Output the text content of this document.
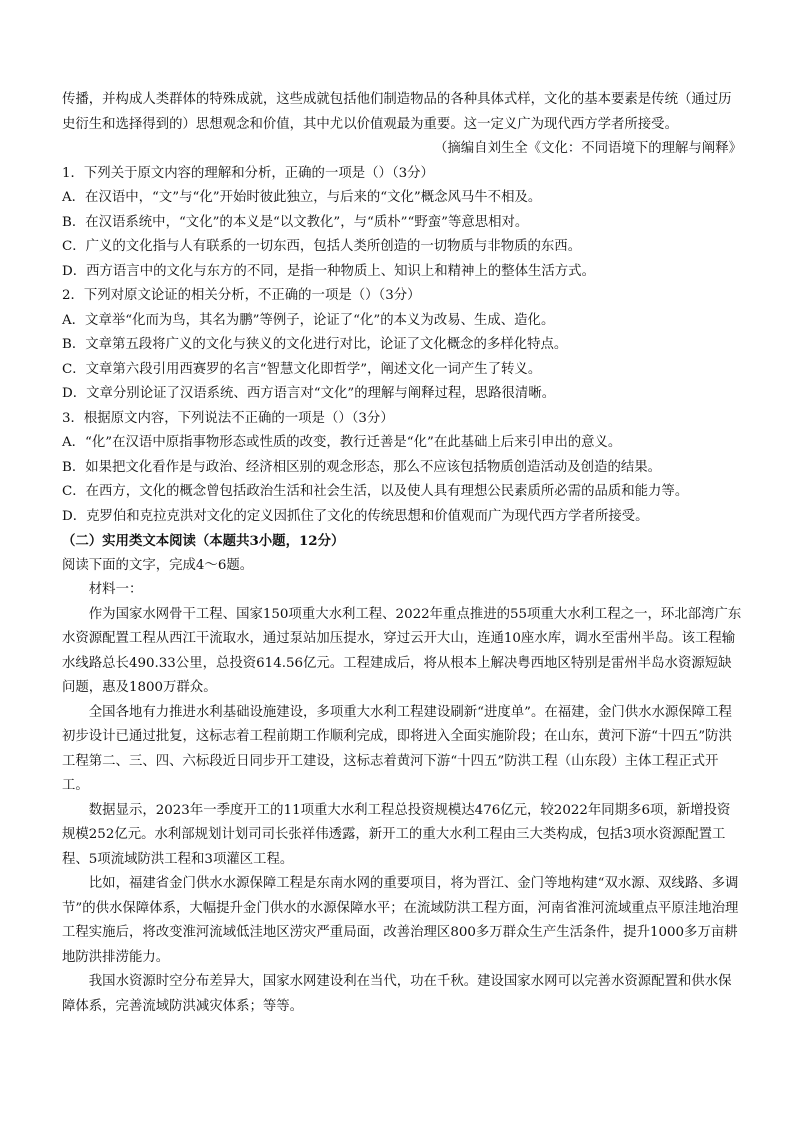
传播，并构成人类群体的特殊成就，这些成就包括他们制造物品的各种具体式样，文化的基本要素是传统（通过历史衍生和选择得到的）思想观念和价值，其中尤以价值观最为重要。这一定义广为现代西方学者所接受。

（摘编自刘生全《文化：不同语境下的理解与阐释》

1．下列关于原文内容的理解和分析，正确的一项是（）（3分）

A．在汉语中，“文”与“化”开始时彼此独立，与后来的“文化”概念风马牛不相及。

B．在汉语系统中，“文化”的本义是“以文教化”，与“质朴”“野蛮”等意思相对。

C．广义的文化指与人有联系的一切东西，包括人类所创造的一切物质与非物质的东西。

D．西方语言中的文化与东方的不同，是指一种物质上、知识上和精神上的整体生活方式。

2．下列对原文论证的相关分析，不正确的一项是（）（3分）

A．文章举“化而为鸟，其名为鹏”等例子，论证了“化”的本义为改易、生成、造化。

B．文章第五段将广义的文化与狭义的文化进行对比，论证了文化概念的多样化特点。

C．文章第六段引用西赛罗的名言“智慧文化即哲学”，阐述文化一词产生了转义。

D．文章分别论证了汉语系统、西方语言对“文化”的理解与阐释过程，思路很清晰。

3．根据原文内容，下列说法不正确的一项是（）（3分）

A．“化”在汉语中原指事物形态或性质的改变，教行迁善是“化”在此基础上后来引申出的意义。

B．如果把文化看作是与政治、经济相区别的观念形态，那么不应该包括物质创造活动及创造的结果。

C．在西方，文化的概念曾包括政治生活和社会生活，以及使人具有理想公民素质所必需的品质和能力等。

D．克罗伯和克拉克洪对文化的定义因抓住了文化的传统思想和价值观而广为现代西方学者所接受。

（二）实用类文本阅读（本题共3小题，12分）

阅读下面的文字，完成4～6题。

材料一：

作为国家水网骨干工程、国家150项重大水利工程、2022年重点推进的55项重大水利工程之一，环北部湾广东水资源配置工程从西江干流取水，通过泵站加压提水，穿过云开大山，连通10座水库，调水至雷州半岛。该工程输水线路总长490.33公里，总投资614.56亿元。工程建成后，将从根本上解决粤西地区特别是雷州半岛水资源短缺问题，惠及1800万群众。

全国各地有力推进水利基础设施建设，多项重大水利工程建设刷新“进度单”。在福建，金门供水水源保障工程初步设计已通过批复，这标志着工程前期工作顺利完成，即将进入全面实施阶段；在山东，黄河下游“十四五”防洪工程第二、三、四、六标段近日同步开工建设，这标志着黄河下游“十四五”防洪工程（山东段）主体工程正式开工。

数据显示，2023年一季度开工的11项重大水利工程总投资规模达476亿元，较2022年同期多6项，新增投资规模252亿元。水利部规划计划司司长张祥伟透露，新开工的重大水利工程由三大类构成，包括3项水资源配置工程、5项流域防洪工程和3项灌区工程。

比如，福建省金门供水水源保障工程是东南水网的重要项目，将为晋江、金门等地构建“双水源、双线路、多调节”的供水保障体系，大幅提升金门供水的水源保障水平；在流域防洪工程方面，河南省淮河流域重点平原洼地治理工程实施后，将改变淮河流域低洼地区涝灾严重局面，改善治理区800多万群众生产生活条件，提升1000多万亩耕地防洪排涝能力。

我国水资源时空分布差异大，国家水网建设利在当代，功在千秋。建设国家水网可以完善水资源配置和供水保障体系，完善流域防洪减灾体系；等等。
